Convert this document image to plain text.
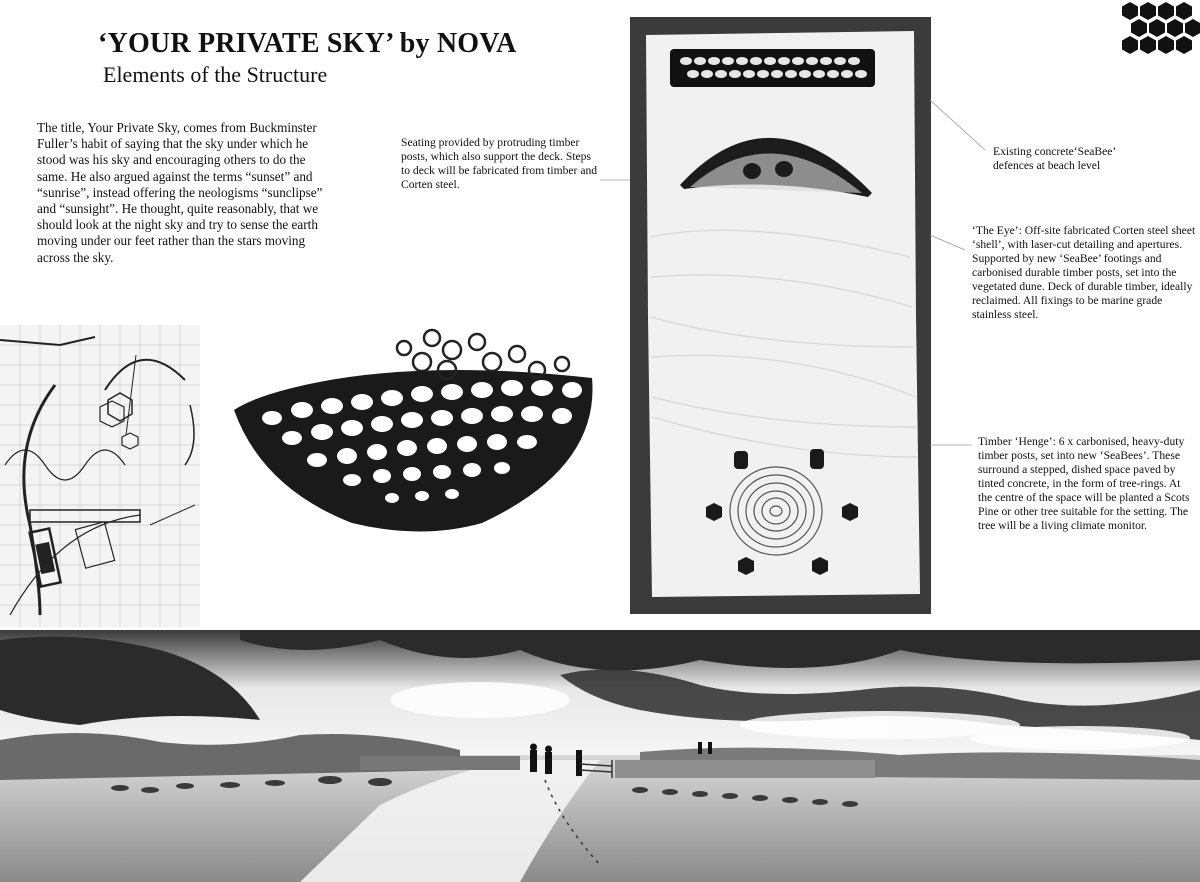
‘YOUR PRIVATE SKY’ by NOVA
Elements of the Structure
The title, Your Private Sky, comes from Buckminster Fuller’s habit of saying that the sky under which he stood was his sky and encouraging others to do the same. He also argued against the terms “sunset” and “sunrise”, instead offering the neologisms “sunclipse” and “sunsight”. He thought, quite reasonably, that we should look at the night sky and try to sense the earth moving under our feet rather than the stars moving across the sky.
Seating provided by protruding timber posts, which also support the deck. Steps to deck will be fabricated from timber and Corten steel.
Existing concrete‘SeaBee’ defences at beach level
‘The Eye’: Off-site fabricated Corten steel sheet ‘shell’, with laser-cut detailing and apertures. Supported by new ‘SeaBee’ footings and carbonised durable timber posts, set into the vegetated dune. Deck of durable timber, ideally reclaimed. All fixings to be marine grade stainless steel.
Timber ‘Henge’: 6 x carbonised, heavy-duty timber posts, set into new ‘SeaBees’. These surround a stepped, dished space paved by tinted concrete, in the form of tree-rings. At the centre of the space will be planted a Scots Pine or other tree suitable for the setting. The tree will be a living climate monitor.
